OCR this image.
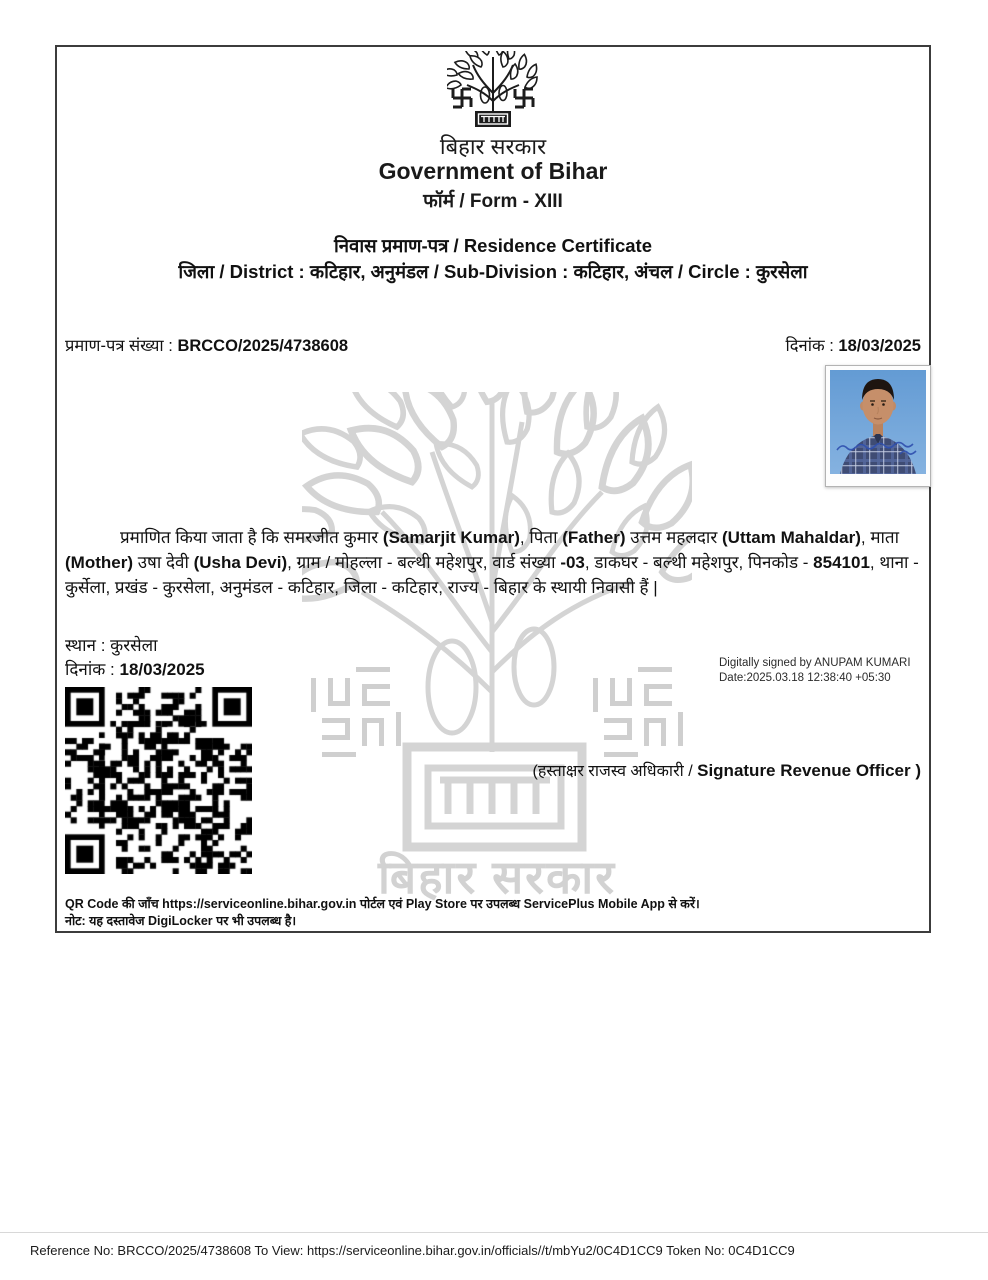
बिहार सरकार
बिहार सरकार
Government of Bihar
फॉर्म / Form - XIII
निवास प्रमाण-पत्र / Residence Certificate
जिला / District : कटिहार, अनुमंडल / Sub-Division : कटिहार, अंचल / Circle : कुरसेला
प्रमाण-पत्र संख्या : BRCCO/2025/4738608	दिनांक : 18/03/2025
प्रमाणित किया जाता है कि समरजीत कुमार (Samarjit Kumar), पिता (Father) उत्तम महलदार (Uttam Mahaldar), माता (Mother) उषा देवी (Usha Devi), ग्राम / मोहल्ला - बल्थी महेशपुर, वार्ड संख्या -03, डाकघर - बल्थी महेशपुर, पिनकोड - 854101, थाना - कुर्सेला, प्रखंड - कुरसेला, अनुमंडल - कटिहार, जिला - कटिहार, राज्य - बिहार के स्थायी निवासी हैं |
स्थान : कुरसेला
दिनांक : 18/03/2025	Digitally signed by ANUPAM KUMARI
Date:2025.03.18 12:38:40 +05:30
(हस्ताक्षर राजस्व अधिकारी / Signature Revenue Officer )
QR Code की जाँच https://serviceonline.bihar.gov.in पोर्टल एवं Play Store पर उपलब्ध ServicePlus Mobile App से करें।
नोट: यह दस्तावेज DigiLocker पर भी उपलब्ध है।
Reference No: BRCCO/2025/4738608 To View: https://serviceonline.bihar.gov.in/officials//t/mbYu2/0C4D1CC9 Token No: 0C4D1CC9
